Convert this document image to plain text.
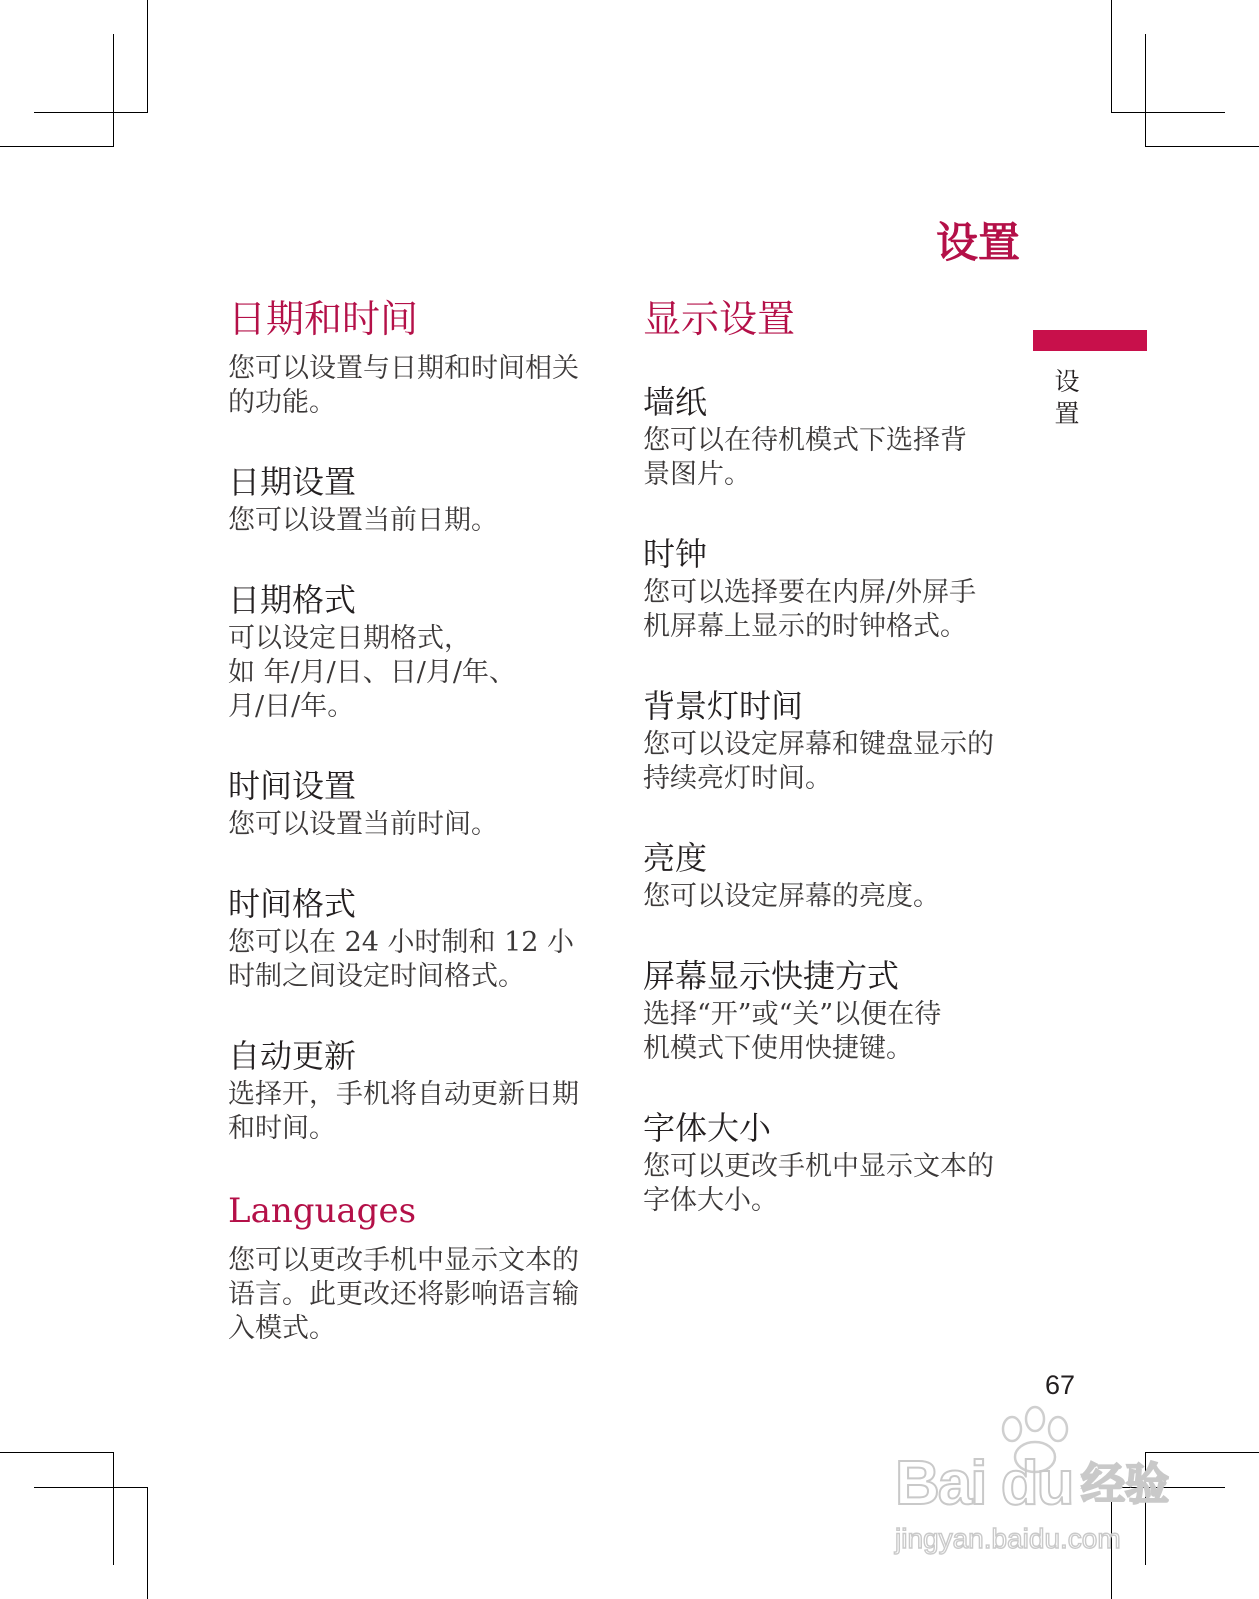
设置
设
置
日期和时间

您可以设置与日期和时间相关
的功能。

日期设置

您可以设置当前日期。

日期格式

可以设定日期格式，
如 年/月/日、日/月/年、
月/日/年。

时间设置

您可以设置当前时间。

时间格式

您可以在 24 小时制和 12 小
时制之间设定时间格式。

自动更新

选择开，手机将自动更新日期
和时间。

Languages

您可以更改手机中显示文本的
语言。此更改还将影响语言输
入模式。

显示设置
墙纸

您可以在待机模式下选择背
景图片。

时钟

您可以选择要在内屏/外屏手
机屏幕上显示的时钟格式。

背景灯时间

您可以设定屏幕和键盘显示的
持续亮灯时间。

亮度

您可以设定屏幕的亮度。

屏幕显示快捷方式

选择“开”或“关”以便在待
机模式下使用快捷键。

字体大小

您可以更改手机中显示文本的
字体大小。

67
Bai du 经验
jingyan.baidu.com
